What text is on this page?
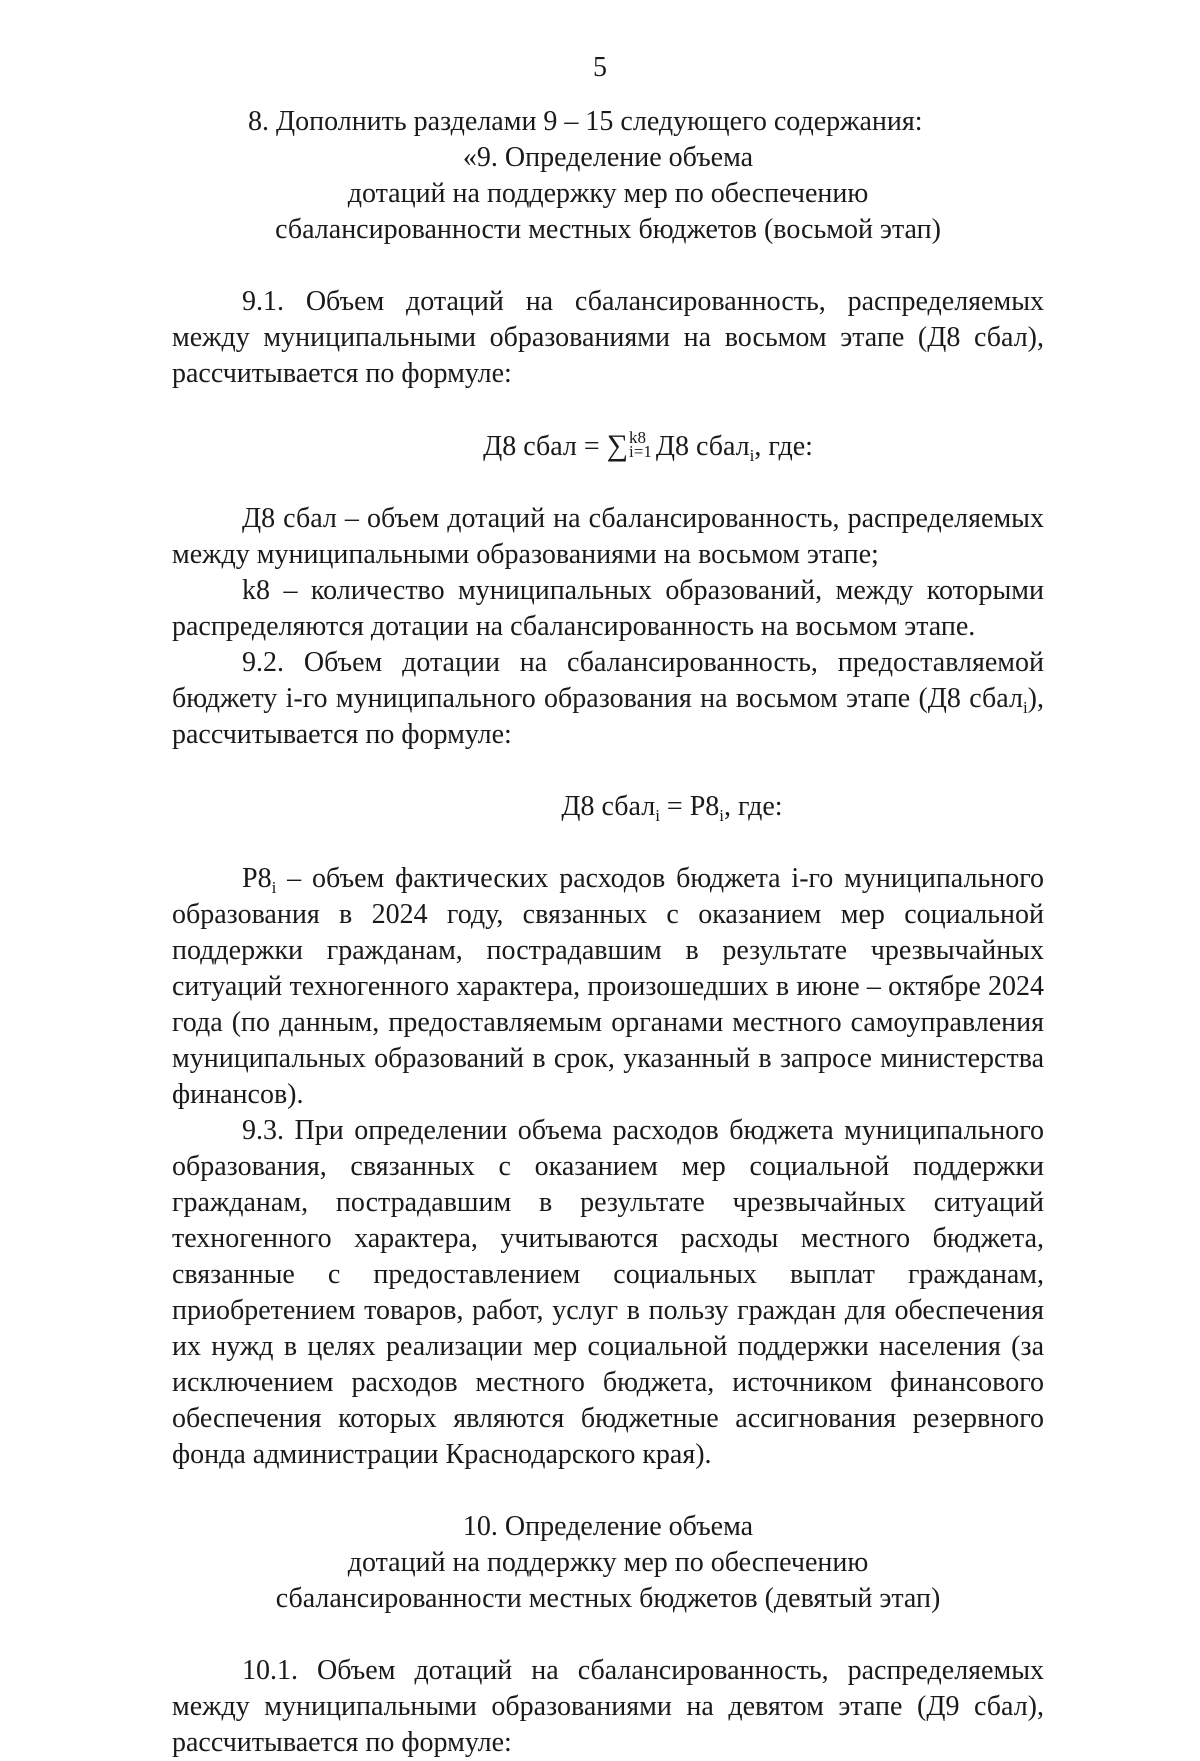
5

8. Дополнить разделами 9 – 15 следующего содержания:

«9. Определение объема

дотаций на поддержку мер по обеспечению

сбалансированности местных бюджетов (восьмой этап)

9.1. Объем дотаций на сбалансированность, распределяемых между муниципальными образованиями на восьмом этапе (Д8 сбал), рассчитывается по формуле:

Д8 сбал = ∑ k8
i=1 Д8 сбал$_i$, где:

Д8 сбал – объем дотаций на сбалансированность, распределяемых между муниципальными образованиями на восьмом этапе;

k8 – количество муниципальных образований, между которыми распределяются дотации на сбалансированность на восьмом этапе.

9.2. Объем дотации на сбалансированность, предоставляемой бюджету i-го муниципального образования на восьмом этапе (Д8 сбал$_i$), рассчитывается по формуле:

Д8 сбал$_i$ = $Р8_i$, где:

$Р8_i$ – объем фактических расходов бюджета i-го муниципального образования в 2024 году, связанных с оказанием мер социальной поддержки гражданам, пострадавшим в результате чрезвычайных ситуаций техногенного характера, произошедших в июне – октябре 2024 года (по данным, предоставляемым органами местного самоуправления муниципальных образований в срок, указанный в запросе министерства финансов).

9.3. При определении объема расходов бюджета муниципального образования, связанных с оказанием мер социальной поддержки гражданам, пострадавшим в результате чрезвычайных ситуаций техногенного характера, учитываются расходы местного бюджета, связанные с предоставлением социальных выплат гражданам, приобретением товаров, работ, услуг в пользу граждан для обеспечения их нужд в целях реализации мер социальной поддержки населения (за исключением расходов местного бюджета, источником финансового обеспечения которых являются бюджетные ассигнования резервного фонда администрации Краснодарского края).

10. Определение объема

дотаций на поддержку мер по обеспечению

сбалансированности местных бюджетов (девятый этап)

10.1. Объем дотаций на сбалансированность, распределяемых между муниципальными образованиями на девятом этапе (Д9 сбал), рассчитывается по формуле:
